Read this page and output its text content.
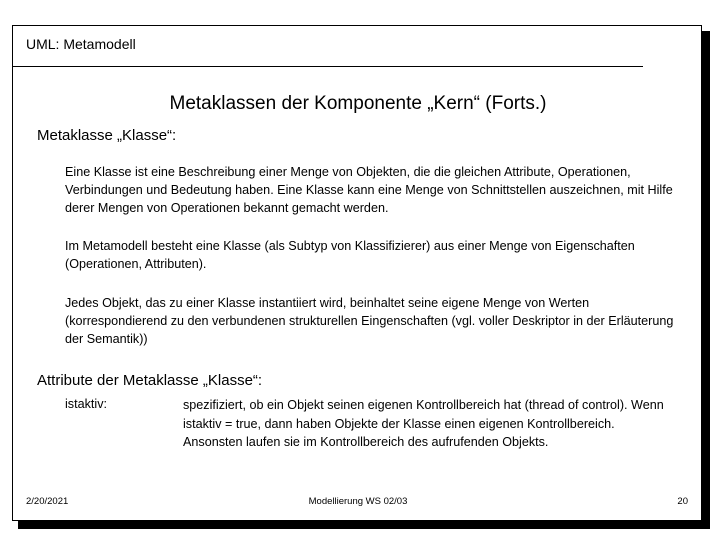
UML: Metamodell
Metaklassen der Komponente „Kern“ (Forts.)
Metaklasse „Klasse“:

Eine Klasse ist eine Beschreibung einer Menge von Objekten, die die gleichen Attribute, Operationen, Verbindungen und Bedeutung haben. Eine Klasse kann eine Menge von Schnittstellen auszeichnen, mit Hilfe derer Mengen von Operationen bekannt gemacht werden.

Im Metamodell besteht eine Klasse (als Subtyp von Klassifizierer) aus einer Menge von Eigenschaften (Operationen, Attributen).

Jedes Objekt, das zu einer Klasse instantiiert wird, beinhaltet seine eigene Menge von Werten (korrespondierend zu den verbundenen strukturellen Eingenschaften (vgl. voller Deskriptor in der Erläuterung der Semantik))

Attribute der Metaklasse „Klasse“:
istaktiv:	spezifiziert, ob ein Objekt seinen eigenen Kontrollbereich hat (thread of control). Wenn istaktiv = true, dann haben Objekte der Klasse einen eigenen Kontrollbereich. Ansonsten laufen sie im Kontrollbereich des aufrufenden Objekts.

2/20/2021	Modellierung WS 02/03	20
